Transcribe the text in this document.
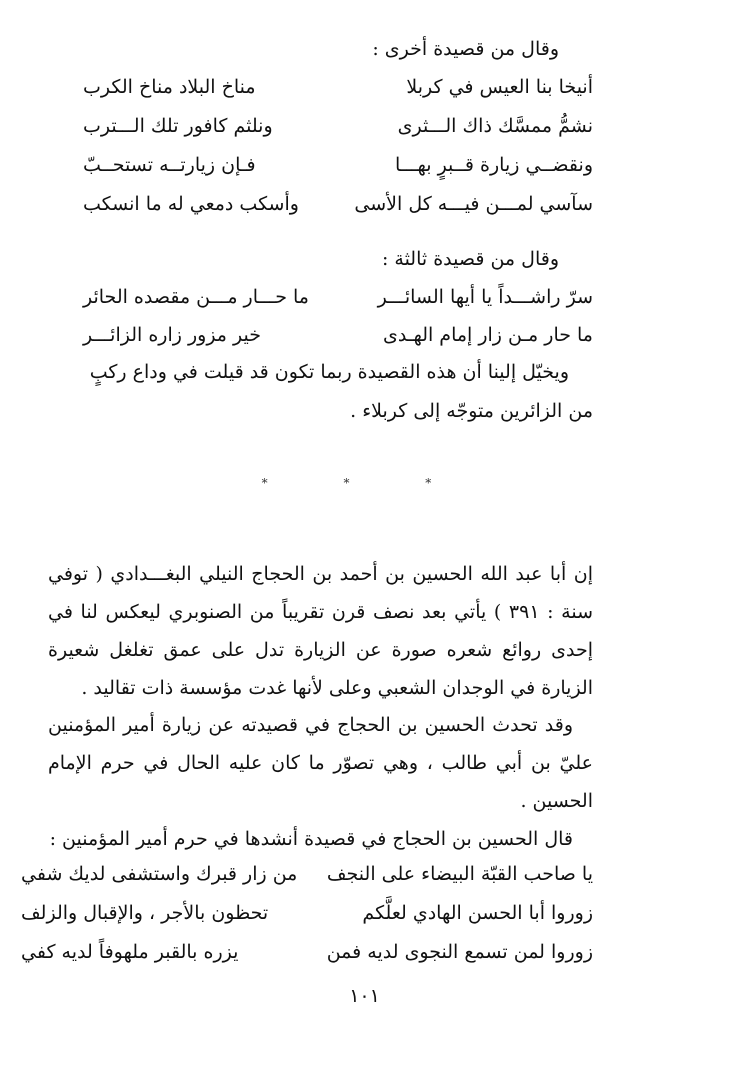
وقال من قصيدة أخرى :
أنيخا بنا العيس في كربلا
مناخ البلاد مناخ الكرب
نشمُّ ممسَّك ذاك الـــثرى
ونلثم كافور تلك الـــترب
ونقضــي زيارة قــبرٍ بهـــا
فـإن زيارتــه تستحــبّ
سآسي لمـــن فيـــه كل الأسى
وأسكب دمعي له ما انسكب
وقال من قصيدة ثالثة :
سرّ راشـــداً يا أيها السائـــر
ما حـــار مـــن مقصده الحائر
ما حار مـن زار إمام الهـدى
خير مزور زاره الزائـــر
ويخيّل إلينا أن هذه القصيدة ربما تكون قد قيلت في وداع ركبٍ
من الزائرين متوجّه إلى كربلاء .
* * *
إن أبا عبد الله الحسين بن أحمد بن الحجاج النيلي البغـــدادي ( توفي سنة : ٣٩١ ) يأتي بعد نصف قرن تقريباً من الصنوبري ليعكس لنا في إحدى روائع شعره صورة عن الزيارة تدل على عمق تغلغل شعيرة الزيارة في الوجدان الشعبي وعلى لأنها غدت مؤسسة ذات تقاليد .
وقد تحدث الحسين بن الحجاج في قصيدته عن زيارة أمير المؤمنين عليّ بن أبي طالب ، وهي تصوّر ما كان عليه الحال في حرم الإمام الحسين .
قال الحسين بن الحجاج في قصيدة أنشدها في حرم أمير المؤمنين :
يا صاحب القبّة البيضاء على النجف
من زار قبرك واستشفى لديك شفي
زوروا أبا الحسن الهادي لعلَّكم
تحظون بالأجر ، والإقبال والزلف
زوروا لمن تسمع النجوى لديه فمن
يزره بالقبر ملهوفاً لديه كفي
١٠١
